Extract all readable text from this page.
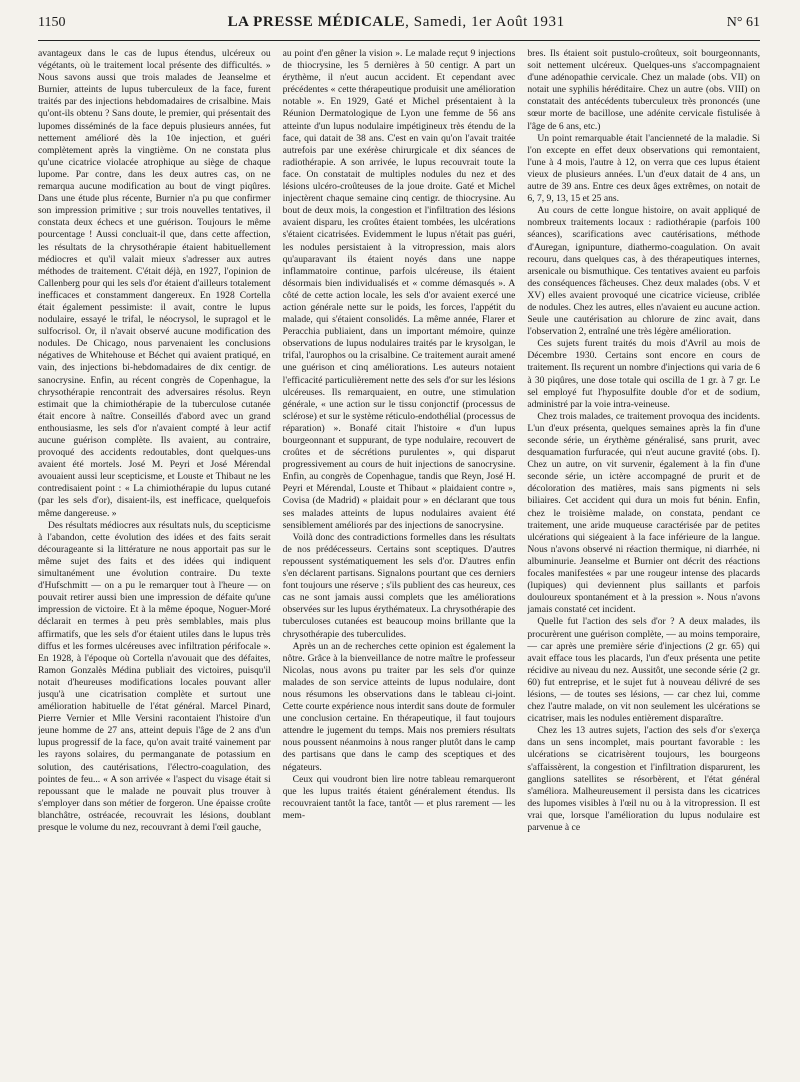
1150	LA PRESSE MÉDICALE, Samedi, 1er Août 1931	N° 61

avantageux dans le cas de lupus étendus, ulcéreux ou végétants, où le traitement local présente des difficultés. » Nous savons aussi que trois malades de Jeanselme et Burnier, atteints de lupus tuberculeux de la face, furent traités par des injections hebdomadaires de crisalbine. Mais qu'ont-ils obtenu ? Sans doute, le premier, qui présentait des lupomes disséminés de la face depuis plusieurs années, fut nettement amélioré dès la 10e injection, et guéri complètement après la vingtième. On ne constata plus qu'une cicatrice violacée atrophique au siège de chaque lupome. Par contre, dans les deux autres cas, on ne remarqua aucune modification au bout de vingt piqûres. Dans une étude plus récente, Burnier n'a pu que confirmer son impression primitive ; sur trois nouvelles tentatives, il constata deux échecs et une guérison. Toujours le même pourcentage ! Aussi concluait-il que, dans cette affection, les résultats de la chrysothérapie étaient habituellement médiocres et qu'il valait mieux s'adresser aux autres méthodes de traitement. C'était déjà, en 1927, l'opinion de Callenberg pour qui les sels d'or étaient d'ailleurs totalement inefficaces et constamment dangereux. En 1928 Cortella était également pessimiste: il avait, contre le lupus nodulaire, essayé le trifal, le néocrysol, le supragol et le sulfocrisol. Or, il n'avait observé aucune modification des nodules. De Chicago, nous parvenaient les conclusions négatives de Whitehouse et Béchet qui avaient pratiqué, en vain, des injections bi-hebdomadaires de dix centigr. de sanocrysine. Enfin, au récent congrès de Copenhague, la chrysothérapie rencontrait des adversaires résolus. Reyn estimait que la chimiothérapie de la tuberculose cutanée était encore à naître. Conseillés d'abord avec un grand enthousiasme, les sels d'or n'avaient compté à leur actif aucune guérison complète. Ils avaient, au contraire, provoqué des accidents redoutables, dont quelques-uns avaient été mortels. José M. Peyri et José Mérendal avouaient aussi leur scepticisme, et Louste et Thibaut ne les contredisaient point : « La chimiothérapie du lupus cutané (par les sels d'or), disaient-ils, est inefficace, quelquefois même dangereuse. »

Des résultats médiocres aux résultats nuls, du scepticisme à l'abandon, cette évolution des idées et des faits serait décourageante si la littérature ne nous apportait pas sur le même sujet des faits et des idées qui indiquent simultanément une évolution contraire. Du texte d'Hufschmitt — on a pu le remarquer tout à l'heure — on pouvait retirer aussi bien une impression de défaite qu'une impression de victoire. Et à la même époque, Noguer-Moré déclarait en termes à peu près semblables, mais plus affirmatifs, que les sels d'or étaient utiles dans le lupus très diffus et les formes ulcéreuses avec infiltration périfocale ». En 1928, à l'époque où Cortella n'avouait que des défaites, Ramon Gonzalès Médina publiait des victoires, puisqu'il notait d'heureuses modifications locales pouvant aller jusqu'à une cicatrisation complète et surtout une amélioration habituelle de l'état général. Marcel Pinard, Pierre Vernier et Mlle Versini racontaient l'histoire d'un jeune homme de 27 ans, atteint depuis l'âge de 2 ans d'un lupus progressif de la face, qu'on avait traité vainement par les rayons solaires, du permanganate de potassium en solution, des cautérisations, l'électro-coagulation, des pointes de feu... « A son arrivée « l'aspect du visage était si repoussant que le malade ne pouvait plus trouver à s'employer dans son métier de forgeron. Une épaisse croûte blanchâtre, ostréacée, recouvrait les lésions, doublant presque le volume du nez, recouvrant à demi l'œil gauche,

au point d'en gêner la vision ». Le malade reçut 9 injections de thiocrysine, les 5 dernières à 50 centigr. A part un érythème, il n'eut aucun accident. Et cependant avec précédentes « cette thérapeutique produisit une amélioration notable ». En 1929, Gaté et Michel présentaient à la Réunion Dermatologique de Lyon une femme de 56 ans atteinte d'un lupus nodulaire impétigineux très étendu de la face, qui datait de 38 ans. C'est en vain qu'on l'avait traitée autrefois par une exérèse chirurgicale et dix séances de radiothérapie. A son arrivée, le lupus recouvrait toute la face. On constatait de multiples nodules du nez et des lésions ulcéro-croûteuses de la joue droite. Gaté et Michel injectèrent chaque semaine cinq centigr. de thiocrysine. Au bout de deux mois, la congestion et l'infiltration des lésions avaient disparu, les croûtes étaient tombées, les ulcérations s'étaient cicatrisées. Evidemment le lupus n'était pas guéri, les nodules persistaient à la vitropression, mais alors qu'auparavant ils étaient noyés dans une nappe inflammatoire continue, parfois ulcéreuse, ils étaient désormais bien individualisés et « comme démasqués ». A côté de cette action locale, les sels d'or avaient exercé une action générale nette sur le poids, les forces, l'appétit du malade, qui s'étaient consolidés. La même année, Flarer et Peracchia publiaient, dans un important mémoire, quinze observations de lupus nodulaires traités par le krysolgan, le trifal, l'aurophos ou la crisalbine. Ce traitement aurait amené une guérison et cinq améliorations. Les auteurs notaient l'efficacité particulièrement nette des sels d'or sur les lésions ulcéreuses. Ils remarquaient, en outre, une stimulation générale, « une action sur le tissu conjonctif (processus de sclérose) et sur le système réticulo-endothélial (processus de réparation) ». Bonafé citait l'histoire « d'un lupus bourgeonnant et suppurant, de type nodulaire, recouvert de croûtes et de sécrétions purulentes », qui disparut progressivement au cours de huit injections de sanocrysine. Enfin, au congrès de Copenhague, tandis que Reyn, José H. Peyri et Mérendal, Louste et Thibaut « plaidaient contre », Covisa (de Madrid) « plaidait pour » en déclarant que tous ses malades atteints de lupus nodulaires avaient été sensiblement améliorés par des injections de sanocrysine.

Voilà donc des contradictions formelles dans les résultats de nos prédécesseurs. Certains sont sceptiques. D'autres repoussent systématiquement les sels d'or. D'autres enfin s'en déclarent partisans. Signalons pourtant que ces derniers font toujours une réserve ; s'ils publient des cas heureux, ces cas ne sont jamais aussi complets que les améliorations observées sur les lupus érythémateux. La chrysothérapie des tuberculoses cutanées est beaucoup moins brillante que la chrysothérapie des tuberculides.

Après un an de recherches cette opinion est également la nôtre. Grâce à la bienveillance de notre maître le professeur Nicolas, nous avons pu traiter par les sels d'or quinze malades de son service atteints de lupus nodulaire, dont nous résumons les observations dans le tableau ci-joint. Cette courte expérience nous interdit sans doute de formuler une conclusion certaine. En thérapeutique, il faut toujours attendre le jugement du temps. Mais nos premiers résultats nous poussent néanmoins à nous ranger plutôt dans le camp des partisans que dans le camp des sceptiques et des négateurs.

Ceux qui voudront bien lire notre tableau remarqueront que les lupus traités étaient généralement étendus. Ils recouvraient tantôt la face, tantôt — et plus rarement — les mem-

bres. Ils étaient soit pustulo-croûteux, soit bourgeonnants, soit nettement ulcéreux. Quelques-uns s'accompagnaient d'une adénopathie cervicale. Chez un malade (obs. VII) on notait une syphilis héréditaire. Chez un autre (obs. VIII) on constatait des antécédents tuberculeux très prononcés (une sœur morte de bacillose, une adénite cervicale fistulisée à l'âge de 6 ans, etc.)

Un point remarquable était l'ancienneté de la maladie. Si l'on excepte en effet deux observations qui remontaient, l'une à 4 mois, l'autre à 12, on verra que ces lupus étaient vieux de plusieurs années. L'un d'eux datait de 4 ans, un autre de 39 ans. Entre ces deux âges extrêmes, on notait de 6, 7, 9, 13, 15 et 25 ans.

Au cours de cette longue histoire, on avait appliqué de nombreux traitements locaux : radiothérapie (parfois 100 séances), scarifications avec cautérisations, méthode d'Auregan, ignipunture, diathermo-coagulation. On avait recouru, dans quelques cas, à des thérapeutiques internes, arsenicale ou bismuthique. Ces tentatives avaient eu parfois des conséquences fâcheuses. Chez deux malades (obs. V et XV) elles avaient provoqué une cicatrice vicieuse, criblée de nodules. Chez les autres, elles n'avaient eu aucune action. Seule une cautérisation au chlorure de zinc avait, dans l'observation 2, entraîné une très légère amélioration.

Ces sujets furent traités du mois d'Avril au mois de Décembre 1930. Certains sont encore en cours de traitement. Ils reçurent un nombre d'injections qui varia de 6 à 30 piqûres, une dose totale qui oscilla de 1 gr. à 7 gr. Le sel employé fut l'hyposulfite double d'or et de sodium, administré par la voie intra-veineuse.

Chez trois malades, ce traitement provoqua des incidents. L'un d'eux présenta, quelques semaines après la fin d'une seconde série, un érythème généralisé, sans prurit, avec desquamation furfuracée, qui n'eut aucune gravité (obs. I). Chez un autre, on vit survenir, également à la fin d'une seconde série, un ictère accompagné de prurit et de décoloration des matières, mais sans pigments ni sels biliaires. Cet accident qui dura un mois fut bénin. Enfin, chez le troisième malade, on constata, pendant ce traitement, une aride muqueuse caractérisée par de petites ulcérations qui siégeaient à la face inférieure de la langue. Nous n'avons observé ni réaction thermique, ni diarrhée, ni albuminurie. Jeanselme et Burnier ont décrit des réactions focales manifestées « par une rougeur intense des placards (lupiques) qui deviennent plus saillants et parfois douloureux spontanément et à la pression ». Nous n'avons jamais constaté cet incident.

Quelle fut l'action des sels d'or ? A deux malades, ils procurèrent une guérison complète, — au moins temporaire, — car après une première série d'injections (2 gr. 65) qui avait efface tous les placards, l'un d'eux présenta une petite récidive au niveau du nez. Aussitôt, une seconde série (2 gr. 60) fut entreprise, et le sujet fut à nouveau délivré de ses lésions, — de toutes ses lésions, — car chez lui, comme chez l'autre malade, on vit non seulement les ulcérations se cicatriser, mais les nodules entièrement disparaître.

Chez les 13 autres sujets, l'action des sels d'or s'exerça dans un sens incomplet, mais pourtant favorable : les ulcérations se cicatrisèrent toujours, les bourgeons s'affaissèrent, la congestion et l'infiltration disparurent, les ganglions satellites se résorbèrent, et l'état général s'améliora. Malheureusement il persista dans les cicatrices des lupomes visibles à l'œil nu ou à la vitropression. Il est vrai que, lorsque l'amélioration du lupus nodulaire est parvenue à ce
